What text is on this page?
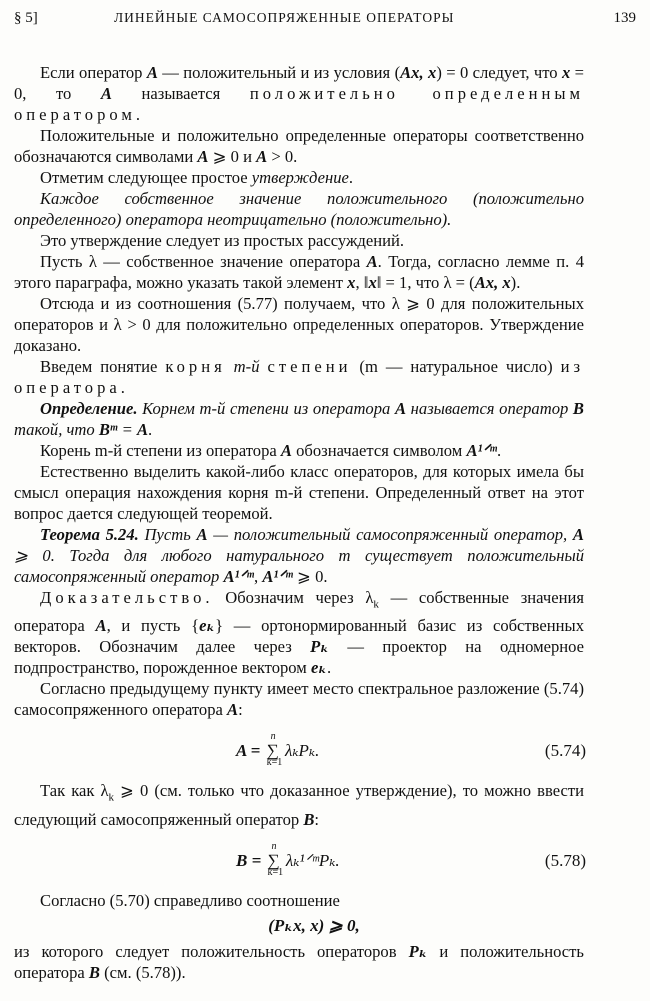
§ 5]	ЛИНЕЙНЫЕ САМОСОПРЯЖЕННЫЕ ОПЕРАТОРЫ	139

Если оператор A — положительный и из условия (Ax, x) = 0 следует, что x = 0, то A называется положительно определенным оператором.

Положительные и положительно определенные операторы соответственно обозначаются символами A ⩾ 0 и A > 0.

Отметим следующее простое утверждение.

Каждое собственное значение положительного (положительно определенного) оператора неотрицательно (положительно).

Это утверждение следует из простых рассуждений.

Пусть λ — собственное значение оператора A. Тогда, согласно лемме п. 4 этого параграфа, можно указать такой элемент x, ‖x‖ = 1, что λ = (Ax, x).

Отсюда и из соотношения (5.77) получаем, что λ ⩾ 0 для положительных операторов и λ > 0 для положительно определенных операторов. Утверждение доказано.

Введем понятие корня m-й степени (m — натуральное число) из оператора.

Определение. Корнем m-й степени из оператора A называется оператор B такой, что Bᵐ = A.

Корень m-й степени из оператора A обозначается символом A¹ᐟᵐ.

Естественно выделить какой-либо класс операторов, для которых имела бы смысл операция нахождения корня m-й степени. Определенный ответ на этот вопрос дается следующей теоремой.

Теорема 5.24. Пусть A — положительный самосопряженный оператор, A ⩾ 0. Тогда для любого натурального m существует положительный самосопряженный оператор A¹ᐟᵐ, A¹ᐟᵐ ⩾ 0.

Доказательство. Обозначим через $\lambda_k$ — собственные значения оператора A, и пусть {eₖ} — ортонормированный базис из собственных векторов. Обозначим далее через Pₖ — проектор на одномерное подпространство, порожденное вектором eₖ.

Согласно предыдущему пункту имеет место спектральное разложение (5.74) самосопряженного оператора A:

A = ∑
n
k=1
λₖPₖ.	(5.74)

Так как $\lambda_k$ ⩾ 0 (см. только что доказанное утверждение), то можно ввести следующий самосопряженный оператор B:

B = ∑
n
k=1
λₖ¹ᐟᵐPₖ.	(5.78)

Согласно (5.70) справедливо соотношение

(Pₖx, x) ⩾ 0,

из которого следует положительность операторов Pₖ и положительность оператора B (см. (5.78)).
